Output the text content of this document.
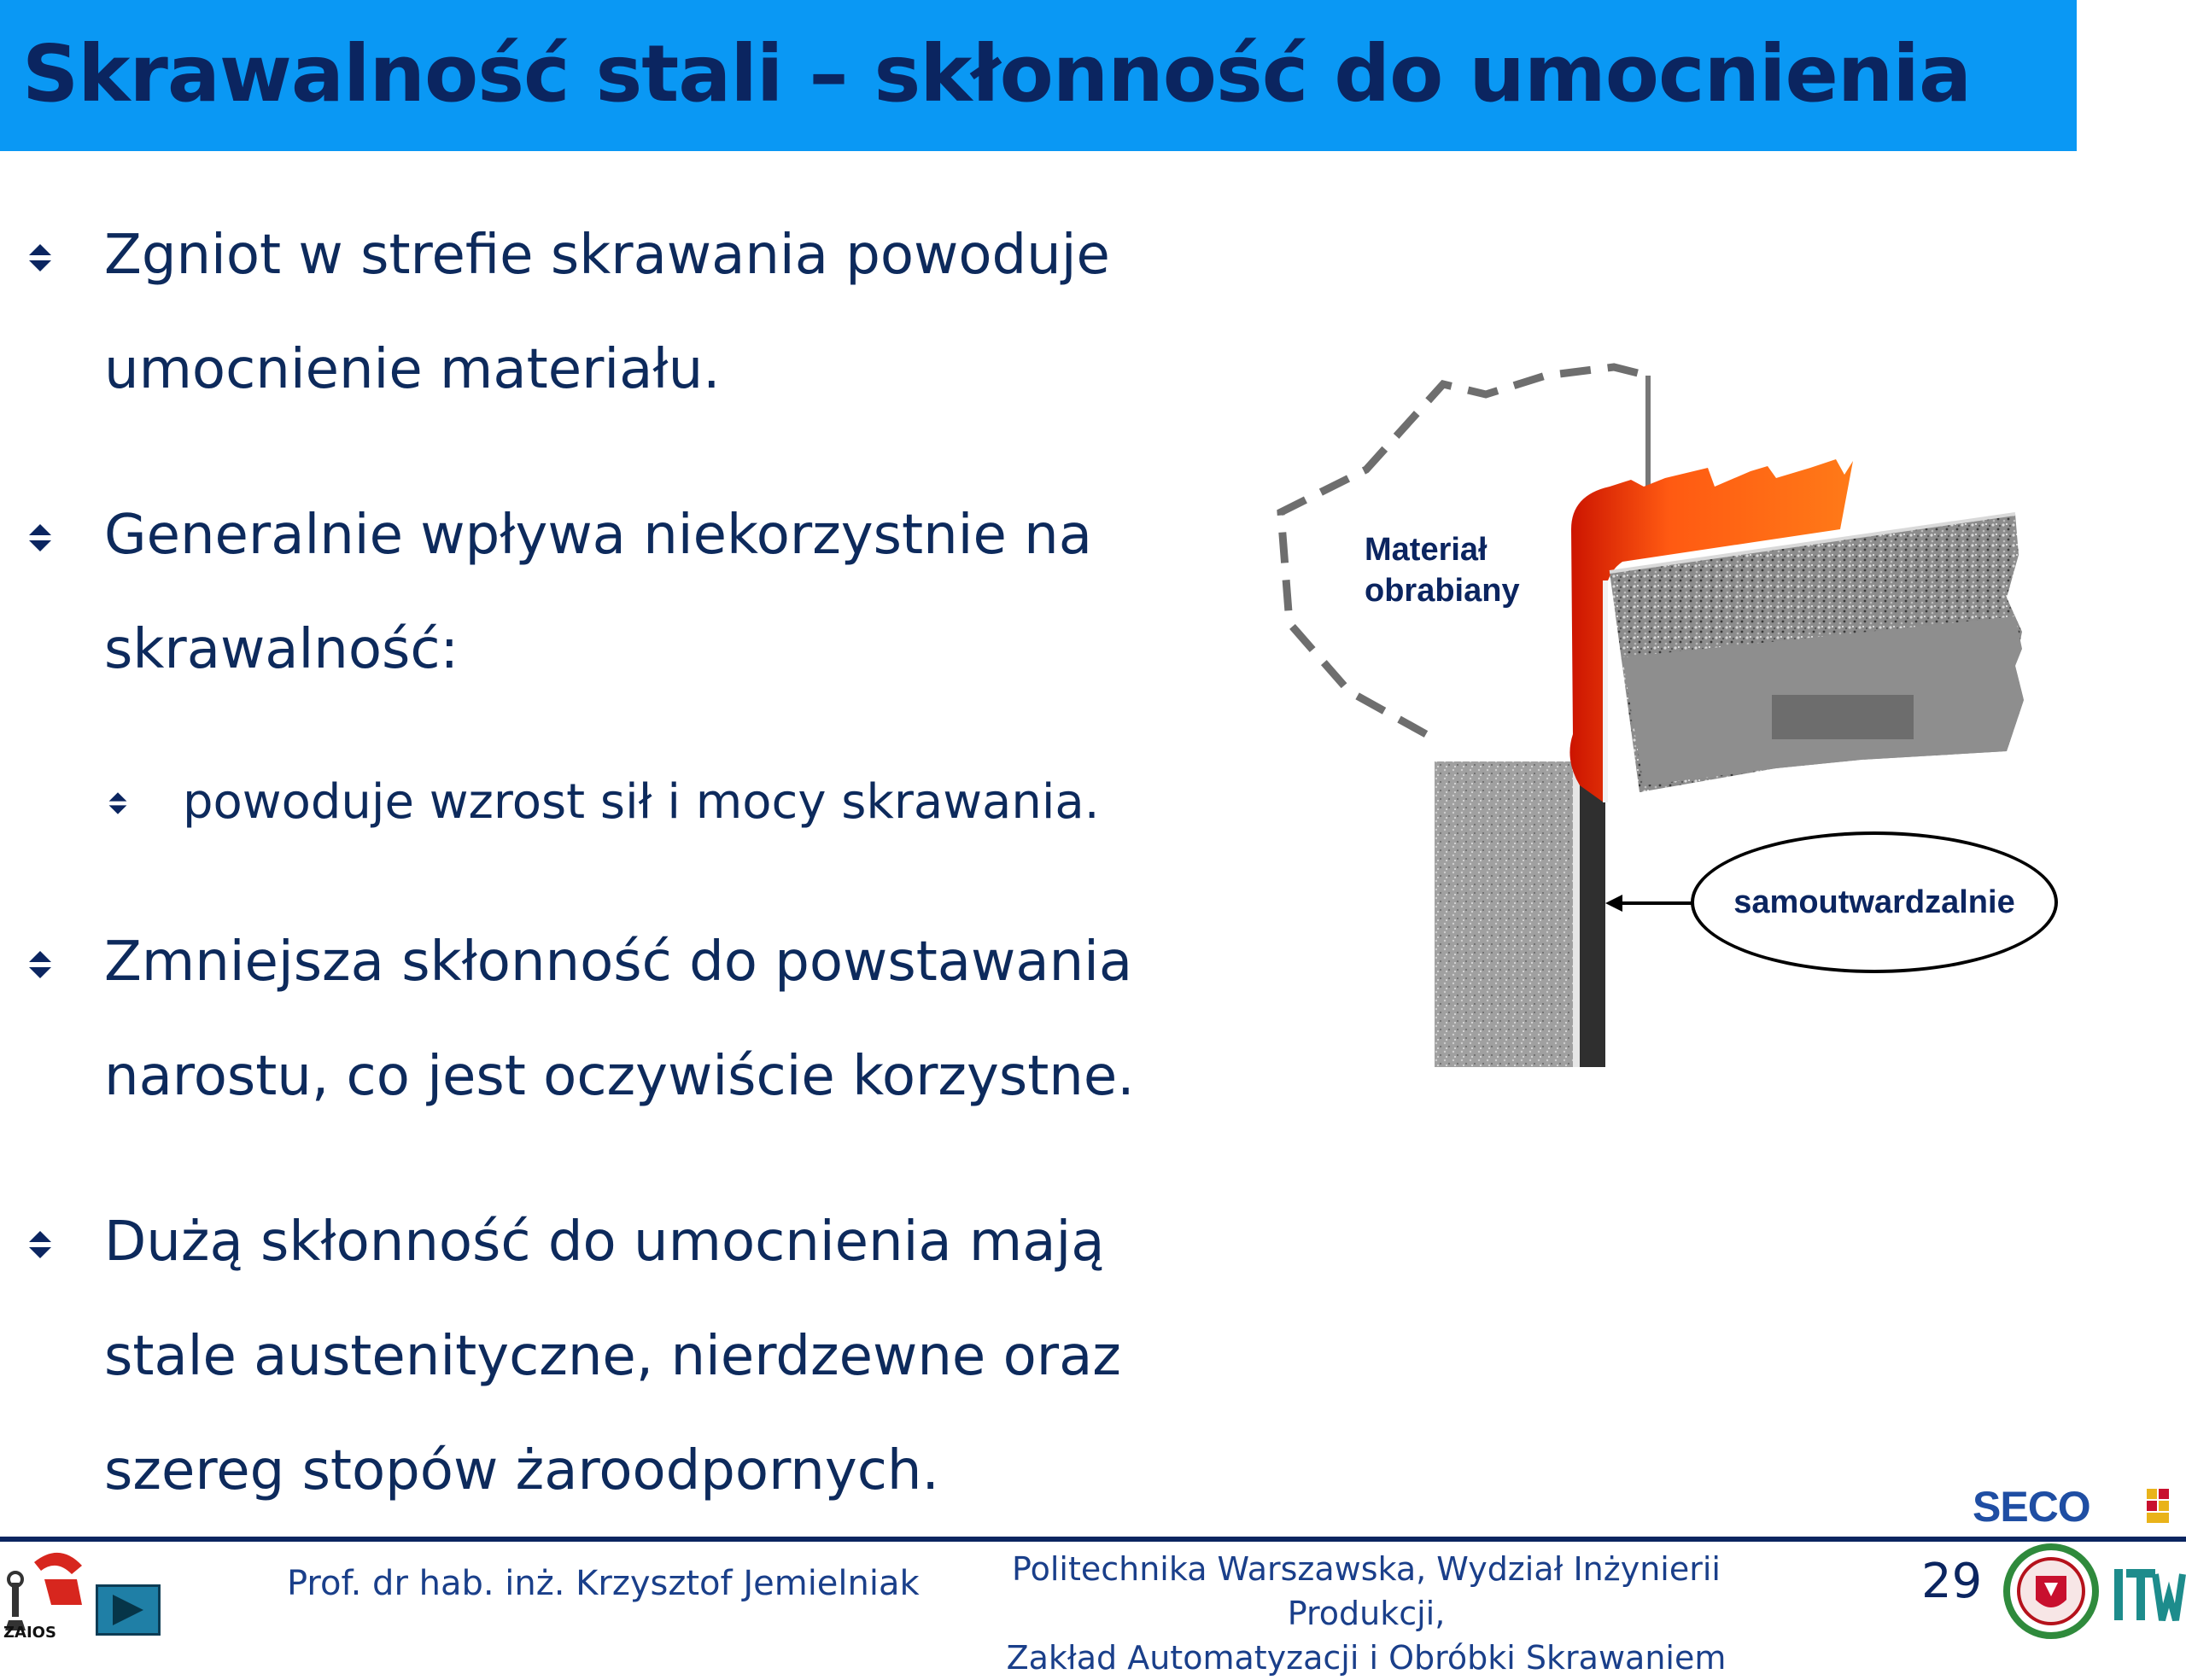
Skrawalność stali – skłonność do umocnienia
Zgniot w strefie skrawania powoduje
umocnienie materiału.
Generalnie wpływa niekorzystnie na
skrawalność:
powoduje wzrost sił i mocy skrawania.
Zmniejsza skłonność do powstawania
narostu, co jest oczywiście korzystne.
Dużą skłonność do umocnienia mają
stale austenityczne, nierdzewne oraz
szereg stopów żaroodpornych.
Materiał
obrabiany
samoutwardzalnie
SECO
ZAIOS
Prof. dr hab. inż. Krzysztof Jemielniak	Politechnika Warszawska, Wydział Inżynierii Produkcji,
Zakład Automatyzacji i Obróbki Skrawaniem
29
